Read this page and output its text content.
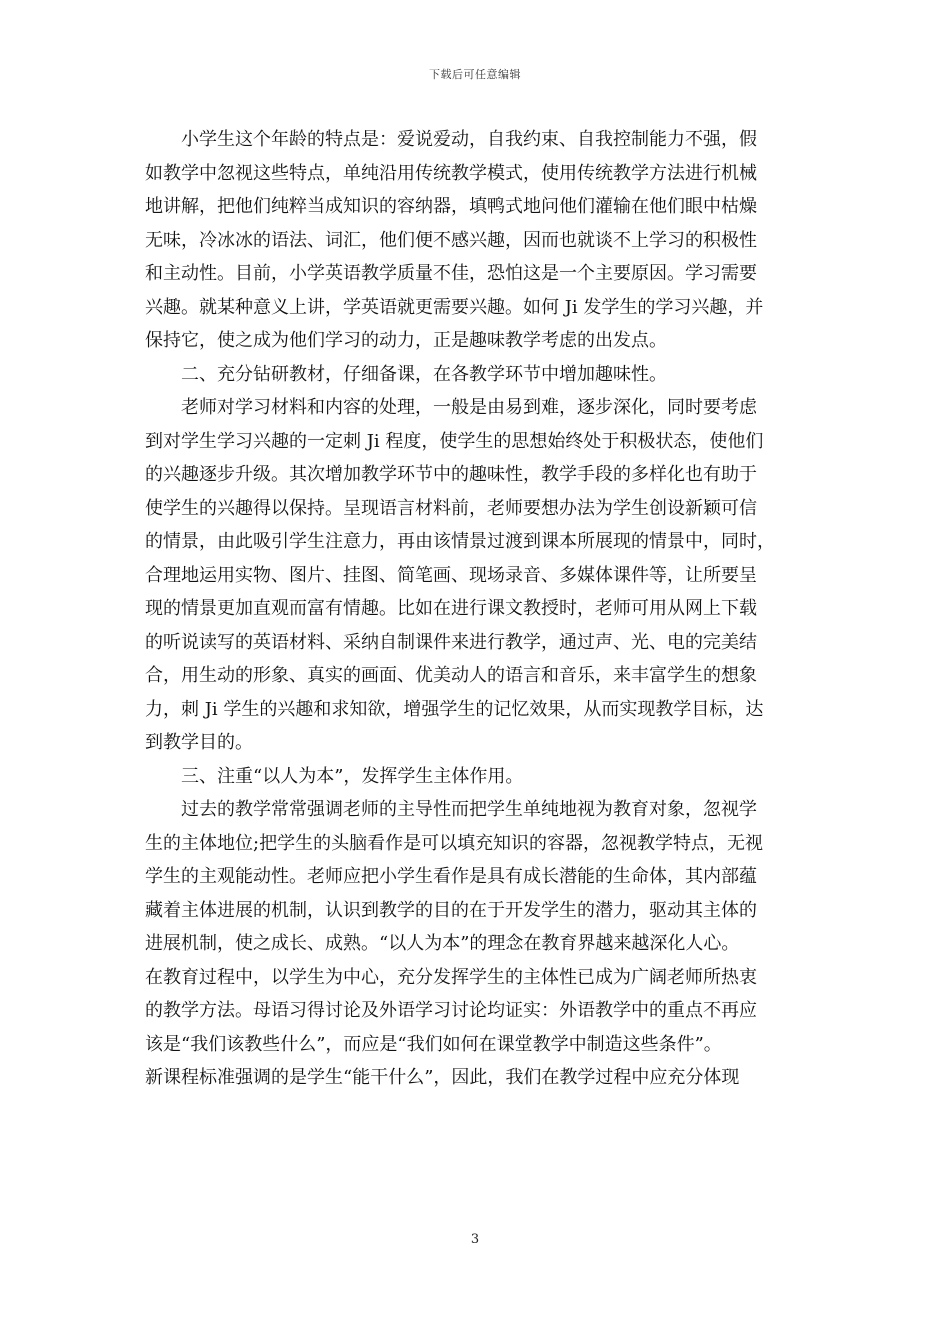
下载后可任意编辑
小学生这个年龄的特点是：爱说爱动，自我约束、自我控制能力不强，假
如教学中忽视这些特点，单纯沿用传统教学模式，使用传统教学方法进行机械
地讲解，把他们纯粹当成知识的容纳器，填鸭式地问他们灌输在他们眼中枯燥
无味，冷冰冰的语法、词汇，他们便不感兴趣，因而也就谈不上学习的积极性
和主动性。目前，小学英语教学质量不佳，恐怕这是一个主要原因。学习需要
兴趣。就某种意义上讲，学英语就更需要兴趣。如何 Ji 发学生的学习兴趣，并
保持它，使之成为他们学习的动力，正是趣味教学考虑的出发点。
二、充分钻研教材，仔细备课，在各教学环节中增加趣味性。
老师对学习材料和内容的处理，一般是由易到难，逐步深化，同时要考虑
到对学生学习兴趣的一定刺 Ji 程度，使学生的思想始终处于积极状态，使他们
的兴趣逐步升级。其次增加教学环节中的趣味性，教学手段的多样化也有助于
使学生的兴趣得以保持。呈现语言材料前，老师要想办法为学生创设新颖可信
的情景，由此吸引学生注意力，再由该情景过渡到课本所展现的情景中，同时，
合理地运用实物、图片、挂图、简笔画、现场录音、多媒体课件等，让所要呈
现的情景更加直观而富有情趣。比如在进行课文教授时，老师可用从网上下载
的听说读写的英语材料、采纳自制课件来进行教学，通过声、光、电的完美结
合，用生动的形象、真实的画面、优美动人的语言和音乐，来丰富学生的想象
力，刺 Ji 学生的兴趣和求知欲，增强学生的记忆效果，从而实现教学目标，达
到教学目的。
三、注重“以人为本”，发挥学生主体作用。
过去的教学常常强调老师的主导性而把学生单纯地视为教育对象，忽视学
生的主体地位;把学生的头脑看作是可以填充知识的容器，忽视教学特点，无视
学生的主观能动性。老师应把小学生看作是具有成长潜能的生命体，其内部蕴
藏着主体进展的机制，认识到教学的目的在于开发学生的潜力，驱动其主体的
进展机制，使之成长、成熟。“以人为本”的理念在教育界越来越深化人心。
在教育过程中，以学生为中心，充分发挥学生的主体性已成为广阔老师所热衷
的教学方法。母语习得讨论及外语学习讨论均证实：外语教学中的重点不再应
该是“我们该教些什么”，而应是“我们如何在课堂教学中制造这些条件”。
新课程标准强调的是学生“能干什么”，因此，我们在教学过程中应充分体现
3
